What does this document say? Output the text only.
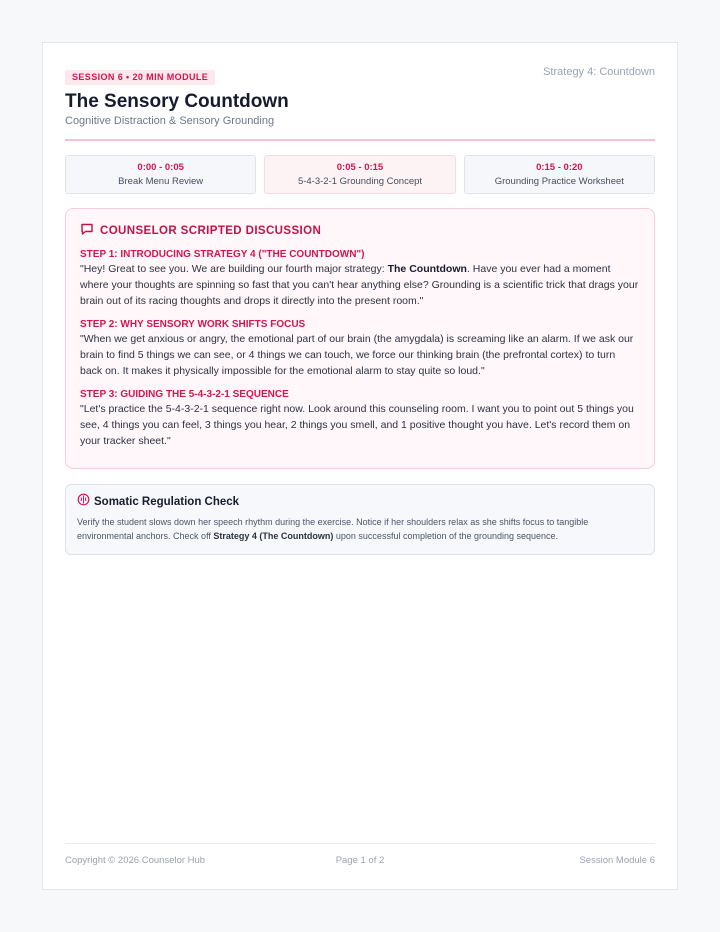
SESSION 6 • 20 MIN MODULE	Strategy 4: Countdown
The Sensory Countdown
Cognitive Distraction & Sensory Grounding
0:00 - 0:05
Break Menu Review
0:05 - 0:15
5-4-3-2-1 Grounding Concept
0:15 - 0:20
Grounding Practice Worksheet
COUNSELOR SCRIPTED DISCUSSION
STEP 1: INTRODUCING STRATEGY 4 ("THE COUNTDOWN")
"Hey! Great to see you. We are building our fourth major strategy: The Countdown. Have you ever had a moment where your thoughts are spinning so fast that you can't hear anything else? Grounding is a scientific trick that drags your brain out of its racing thoughts and drops it directly into the present room."
STEP 2: WHY SENSORY WORK SHIFTS FOCUS
"When we get anxious or angry, the emotional part of our brain (the amygdala) is screaming like an alarm. If we ask our brain to find 5 things we can see, or 4 things we can touch, we force our thinking brain (the prefrontal cortex) to turn back on. It makes it physically impossible for the emotional alarm to stay quite so loud."
STEP 3: GUIDING THE 5-4-3-2-1 SEQUENCE
"Let's practice the 5-4-3-2-1 sequence right now. Look around this counseling room. I want you to point out 5 things you see, 4 things you can feel, 3 things you hear, 2 things you smell, and 1 positive thought you have. Let's record them on your tracker sheet."
Somatic Regulation Check
Verify the student slows down her speech rhythm during the exercise. Notice if her shoulders relax as she shifts focus to tangible environmental anchors. Check off Strategy 4 (The Countdown) upon successful completion of the grounding sequence.
Copyright © 2026 Counselor Hub	Page 1 of 2	Session Module 6
